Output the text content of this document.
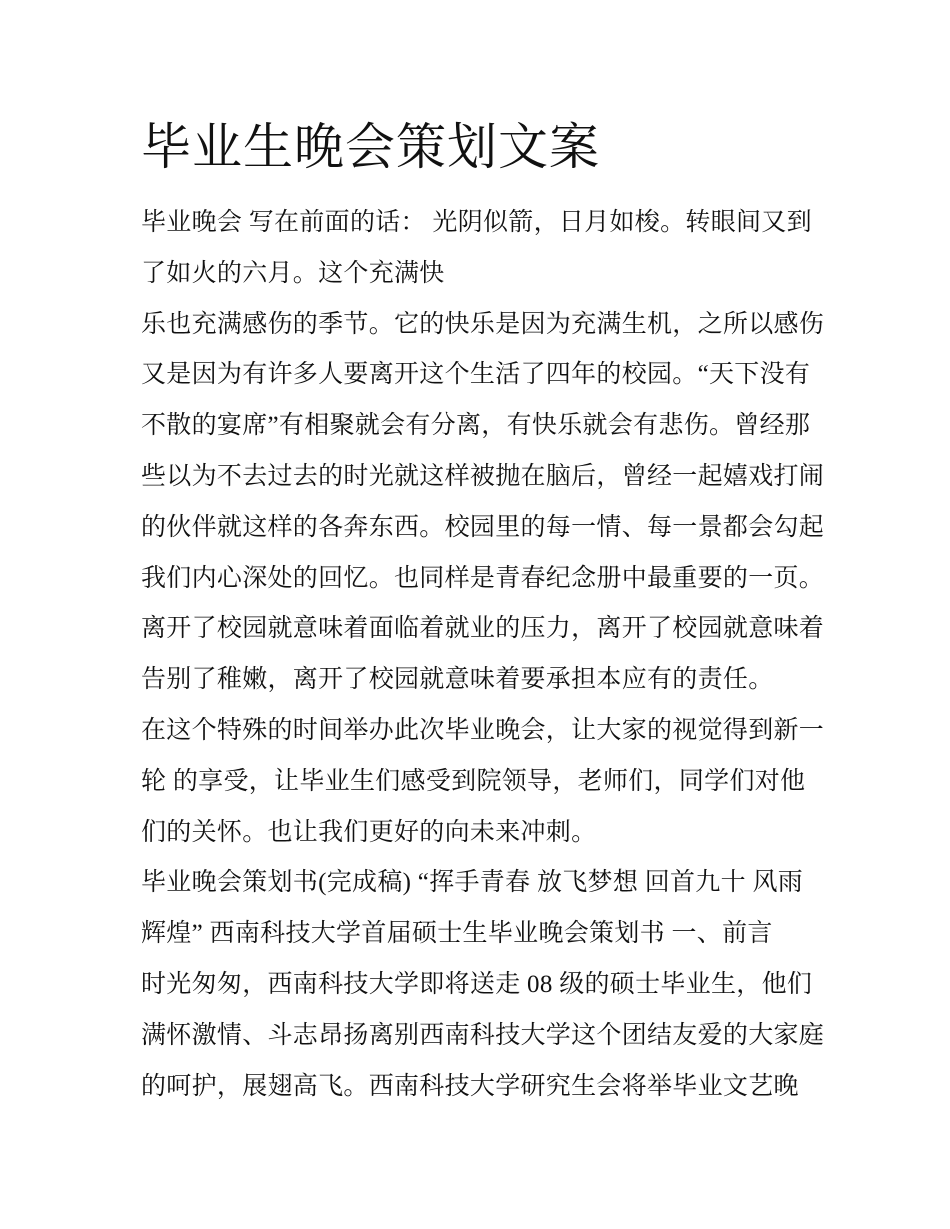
毕业生晚会策划文案
毕业晚会 写在前面的话： 光阴似箭，日月如梭。转眼间又到
了如火的六月。这个充满快
乐也充满感伤的季节。它的快乐是因为充满生机，之所以感伤
又是因为有许多人要离开这个生活了四年的校园。“天下没有
不散的宴席”有相聚就会有分离，有快乐就会有悲伤。曾经那
些以为不去过去的时光就这样被抛在脑后，曾经一起嬉戏打闹
的伙伴就这样的各奔东西。校园里的每一情、每一景都会勾起
我们内心深处的回忆。也同样是青春纪念册中最重要的一页。
离开了校园就意味着面临着就业的压力，离开了校园就意味着
告别了稚嫩，离开了校园就意味着要承担本应有的责任。
在这个特殊的时间举办此次毕业晚会，让大家的视觉得到新一
轮 的享受，让毕业生们感受到院领导，老师们，同学们对他
们的关怀。也让我们更好的向未来冲刺。
毕业晚会策划书(完成稿) “挥手青春 放飞梦想 回首九十 风雨
辉煌” 西南科技大学首届硕士生毕业晚会策划书 一、前言
时光匆匆，西南科技大学即将送走 08 级的硕士毕业生，他们
满怀激情、斗志昂扬离别西南科技大学这个团结友爱的大家庭
的呵护，展翅高飞。西南科技大学研究生会将举毕业文艺晚
